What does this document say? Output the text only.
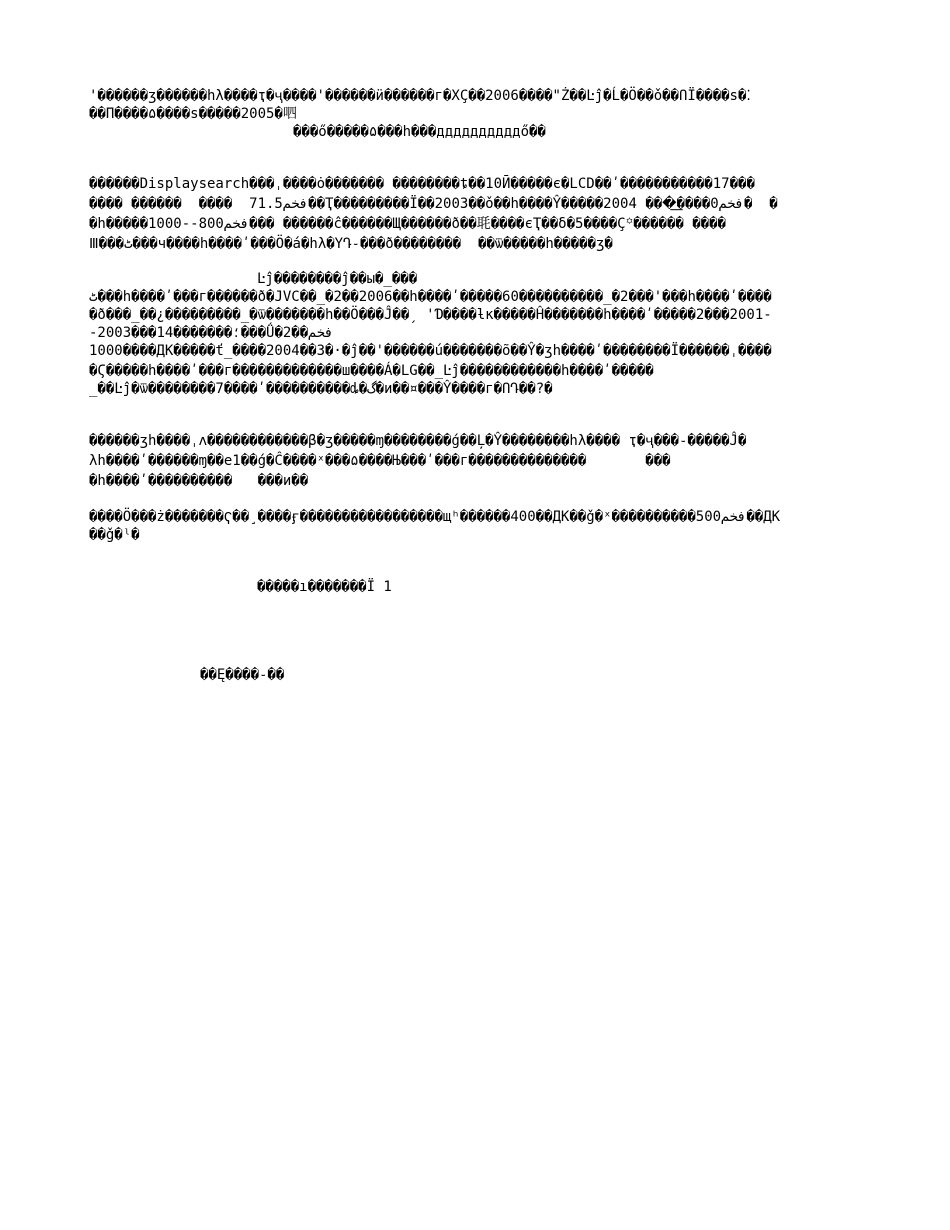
'������ʒ������hλ����ҭ�ҷ����'������ӥ������г�ΧÇ��2006����"Ż��Ŀĵ�Ĺ�Ö��ǒ��ՈÏ����s�⁚
��Π����۵����s�����2005�呬
���ő�����۵���h���ддддддддддő��
������Displaysearch���ˌ����ȯ������� ��������ȶ��10Ӣ�����є�LCD��ʹ�����������17���
���� ������  ����  71.5فخم��Ҭ���������Ï��2003��ǒ��h����Ŷ�����2004 ���͟����0فخم�  �
�h�����1000--800فخم��� ������ĉ������Щ������ð��毦����єҬ��δ�5����Ç꙳������ ����
Ⅲ���ٹ���ч����h����ʹ���Ö�á�hλ�ҮԴ֊���ð��������  ��ѿ�����h�����ʒ�
Ŀĵ��������ĵ��ы�_���
ٹ���h����ʹ���г������ð�JVC��_�2��2006��h����ʹ�����60����������_�2���'���h����ʹ����
�ð���_��¿���������_�ѿ�������h��Ö���Ĵ��ˏ 'Ɗ����ƚк�����Ĥ�������h����ʹ�����2���2001-
-2003���؛�������14���Ǘ�2��فخم
1000����ДK�����ť_����2004��3�·�ĵ��'������ú�������õ��Ŷ�ʒh����ʹ��������Ï������ˌ����
�Ϛ�����h����ʹ���г�������������ш����Á�LG��_Ŀĵ������������h����ʹ�����
_��Ŀĵ�ѿ��������7����ʹ����������ȡ�گ�и��¤���Ŷ����г�ՈԴ��?�
������ʒh����ˌʌ������������β�ʒ�����ɱ��������ǵ��Ļ�Ŷ��������hλ���� ҭ�ҷ���֊�����Ĵ�
λh����ʹ������ɱ��e1��ǵ�Ĉ����ˣ���۵����Њ���ʹ���г��������������       ���
�h����ʹ����������   ���и��
����Ö���ż�������Ҁ��˼����ӻ�����������������щʰ������400��ДK��ǧ�ˣ����������500فخم��ДK
��ǧ�ˡ�
�����ı�������Ï 1
��Ę����֊��
